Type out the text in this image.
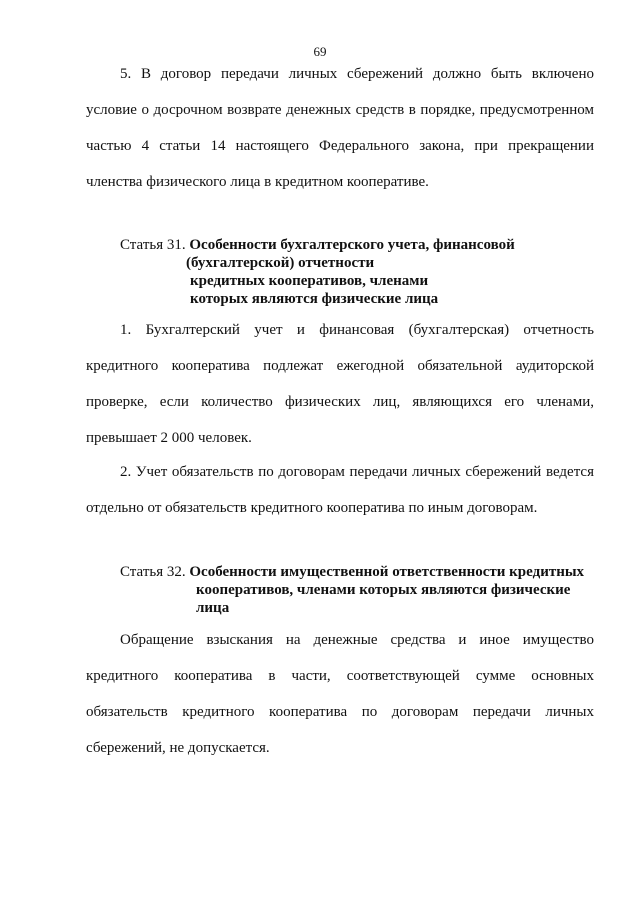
69
5. В договор передачи личных сбережений должно быть включено
условие о досрочном возврате денежных средств в порядке, предусмотренном
частью 4 статьи 14 настоящего Федерального закона, при прекращении
членства физического лица в кредитном кооперативе.
Статья 31. Особенности бухгалтерского учета, финансовой
(бухгалтерской) отчетности
кредитных кооперативов, членами
которых являются физические лица
1. Бухгалтерский учет и финансовая (бухгалтерская) отчетность
кредитного кооператива подлежат ежегодной обязательной аудиторской
проверке, если количество физических лиц, являющихся его членами,
превышает 2 000 человек.
2. Учет обязательств по договорам передачи личных сбережений ведется
отдельно от обязательств кредитного кооператива по иным договорам.
Статья 32. Особенности имущественной ответственности кредитных
кооперативов, членами которых являются физические
лица
Обращение взыскания на денежные средства и иное имущество
кредитного кооператива в части, соответствующей сумме основных
обязательств кредитного кооператива по договорам передачи личных
сбережений, не допускается.
